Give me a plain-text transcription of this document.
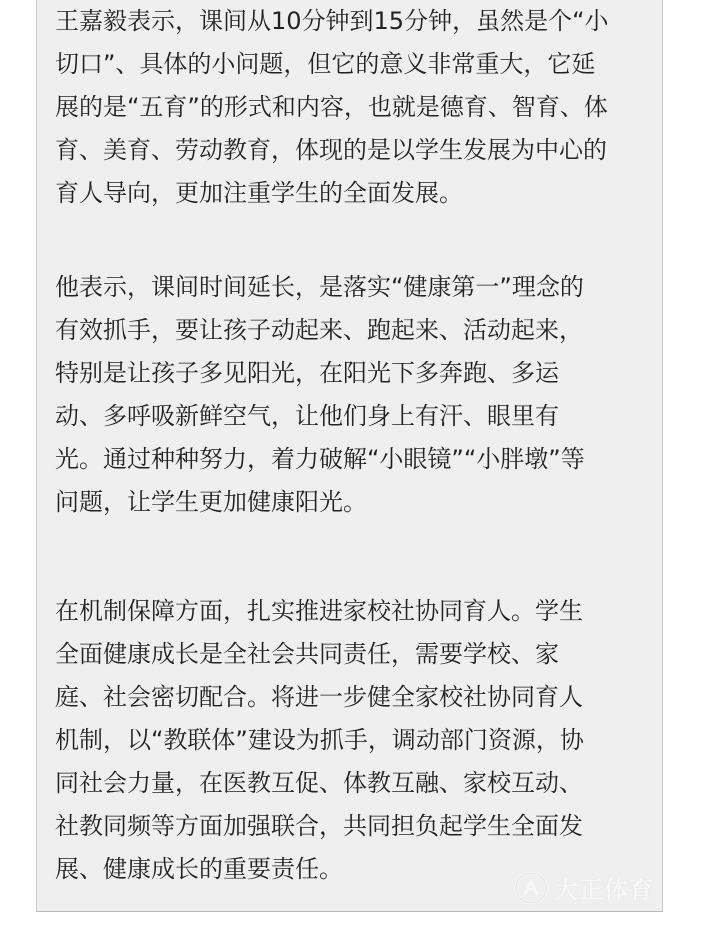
王嘉毅表示，课间从10分钟到15分钟，虽然是个“小
切口”、具体的小问题，但它的意义非常重大，它延
展的是“五育”的形式和内容，也就是德育、智育、体
育、美育、劳动教育，体现的是以学生发展为中心的
育人导向，更加注重学生的全面发展。

他表示，课间时间延长，是落实“健康第一”理念的
有效抓手，要让孩子动起来、跑起来、活动起来，
特别是让孩子多见阳光，在阳光下多奔跑、多运
动、多呼吸新鲜空气，让他们身上有汗、眼里有
光。通过种种努力，着力破解“小眼镜”“小胖墩”等
问题，让学生更加健康阳光。

在机制保障方面，扎实推进家校社协同育人。学生
全面健康成长是全社会共同责任，需要学校、家
庭、社会密切配合。将进一步健全家校社协同育人
机制，以“教联体”建设为抓手，调动部门资源，协
同社会力量，在医教互促、体教互融、家校互动、
社教同频等方面加强联合，共同担负起学生全面发
展、健康成长的重要责任。

大正体育
